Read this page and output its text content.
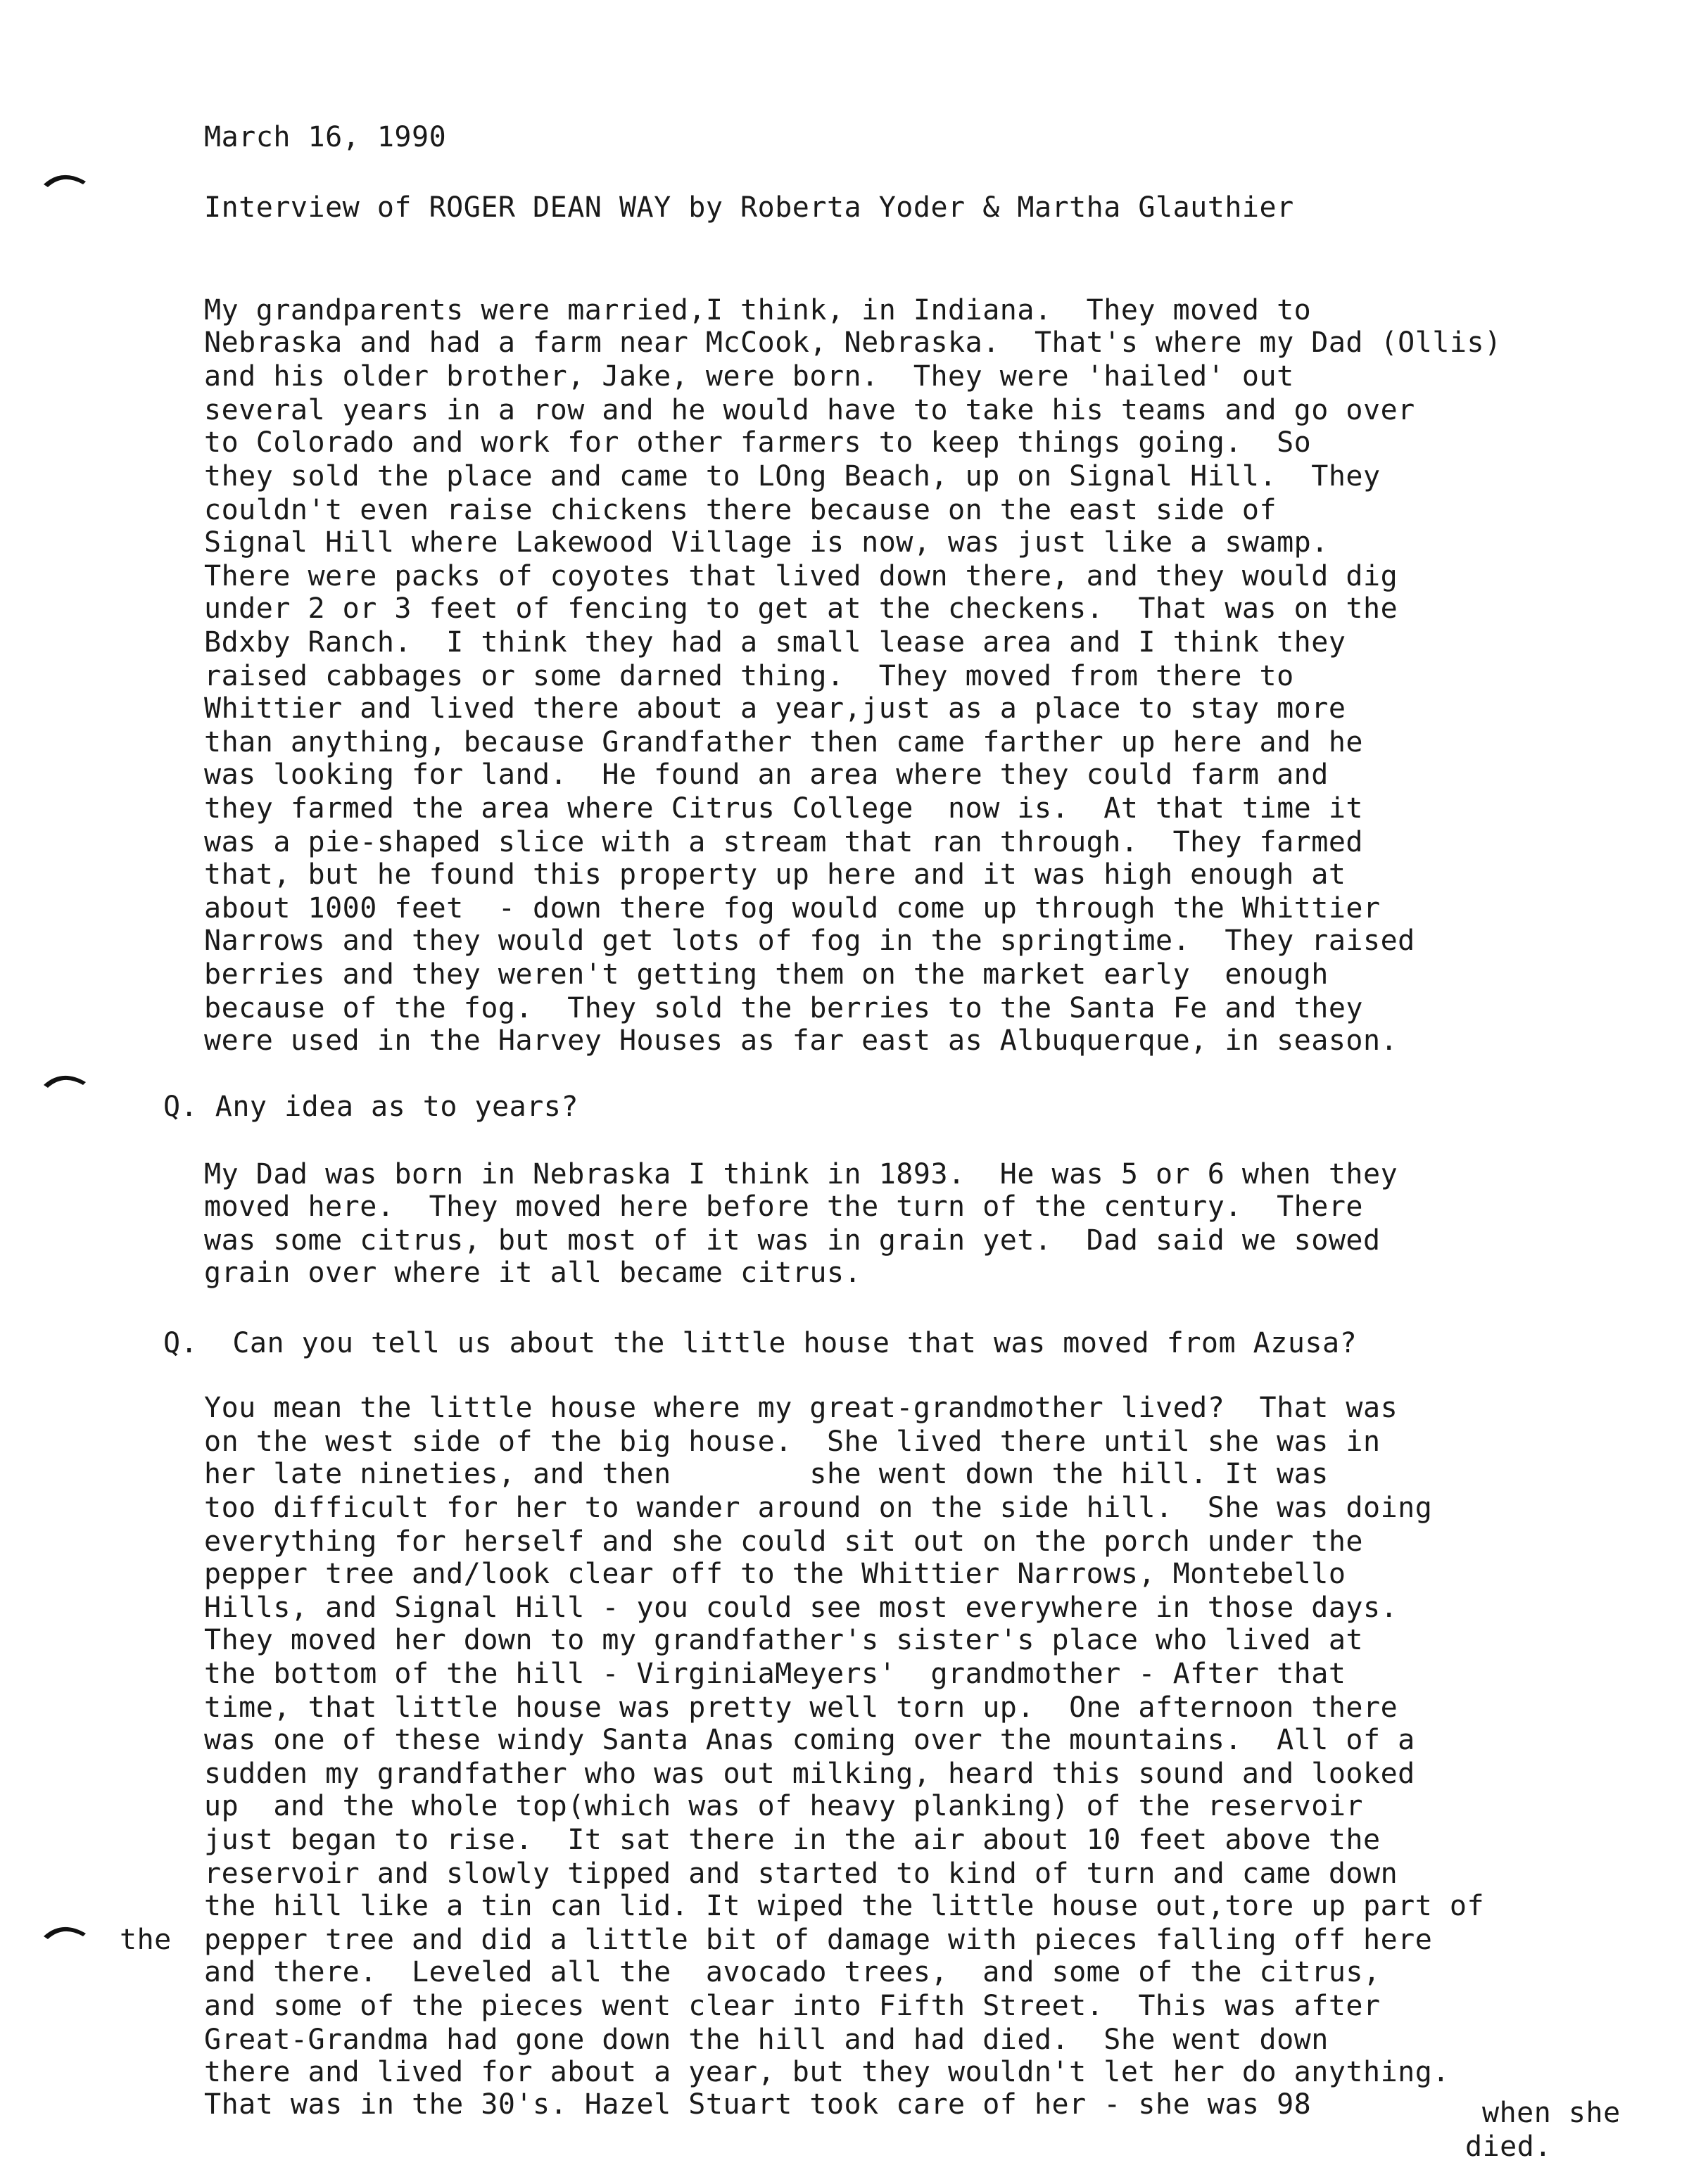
March 16, 1990
Interview of ROGER DEAN WAY by Roberta Yoder & Martha Glauthier
My grandparents were married,I think, in Indiana.  They moved to
Nebraska and had a farm near McCook, Nebraska.  That's where my Dad (Ollis)
and his older brother, Jake, were born.  They were 'hailed' out
several years in a row and he would have to take his teams and go over
to Colorado and work for other farmers to keep things going.  So
they sold the place and came to LOng Beach, up on Signal Hill.  They
couldn't even raise chickens there because on the east side of
Signal Hill where Lakewood Village is now, was just like a swamp.
There were packs of coyotes that lived down there, and they would dig
under 2 or 3 feet of fencing to get at the checkens.  That was on the
Bdxby Ranch.  I think they had a small lease area and I think they
raised cabbages or some darned thing.  They moved from there to
Whittier and lived there about a year,just as a place to stay more
than anything, because Grandfather then came farther up here and he
was looking for land.  He found an area where they could farm and
they farmed the area where Citrus College  now is.  At that time it
was a pie-shaped slice with a stream that ran through.  They farmed
that, but he found this property up here and it was high enough at
about 1000 feet  - down there fog would come up through the Whittier
Narrows and they would get lots of fog in the springtime.  They raised
berries and they weren't getting them on the market early  enough
because of the fog.  They sold the berries to the Santa Fe and they
were used in the Harvey Houses as far east as Albuquerque, in season.
Q. Any idea as to years?
My Dad was born in Nebraska I think in 1893.  He was 5 or 6 when they
moved here.  They moved here before the turn of the century.  There
was some citrus, but most of it was in grain yet.  Dad said we sowed
grain over where it all became citrus.
Q.  Can you tell us about the little house that was moved from Azusa?
You mean the little house where my great-grandmother lived?  That was
on the west side of the big house.  She lived there until she was in
her late nineties, and then        she went down the hill. It was
too difficult for her to wander around on the side hill.  She was doing
everything for herself and she could sit out on the porch under the
pepper tree and/look clear off to the Whittier Narrows, Montebello
Hills, and Signal Hill - you could see most everywhere in those days.
They moved her down to my grandfather's sister's place who lived at
the bottom of the hill - VirginiaMeyers'  grandmother - After that
time, that little house was pretty well torn up.  One afternoon there
was one of these windy Santa Anas coming over the mountains.  All of a
sudden my grandfather who was out milking, heard this sound and looked
up  and the whole top(which was of heavy planking) of the reservoir
just began to rise.  It sat there in the air about 10 feet above the
reservoir and slowly tipped and started to kind of turn and came down
the hill like a tin can lid. It wiped the little house out,tore up part of
pepper tree and did a little bit of damage with pieces falling off here
and there.  Leveled all the  avocado trees,  and some of the citrus,
and some of the pieces went clear into Fifth Street.  This was after
Great-Grandma had gone down the hill and had died.  She went down
there and lived for about a year, but they wouldn't let her do anything.
That was in the 30's. Hazel Stuart took care of her - she was 98
the
when she
died.
